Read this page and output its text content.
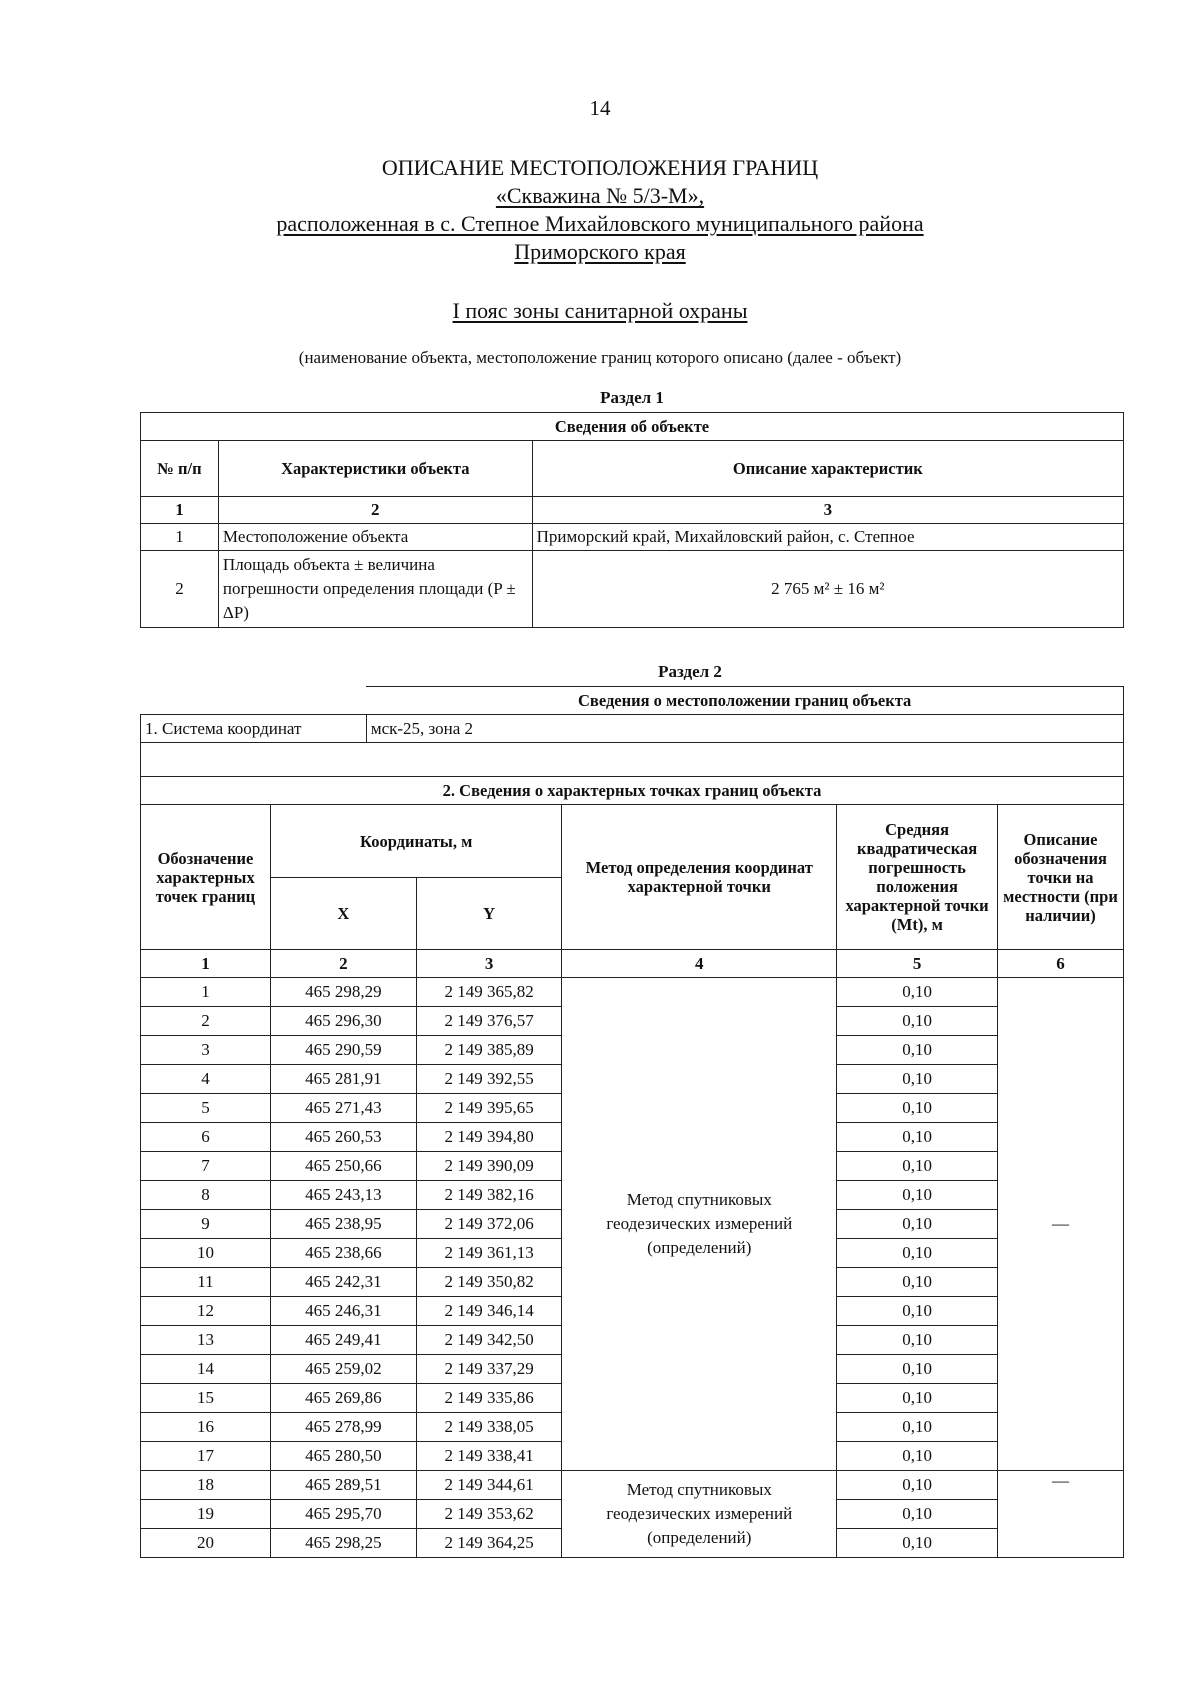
14
ОПИСАНИЕ МЕСТОПОЛОЖЕНИЯ ГРАНИЦ
«Скважина № 5/3-М»,
расположенная в с. Степное Михайловского муниципального района
Приморского края
I пояс зоны санитарной охраны
(наименование объекта, местоположение границ которого описано (далее - объект)
Раздел 1
Сведения об объекте		
№ п/п	Характеристики объекта	Описание характеристик
1	2	3
1	Местоположение объекта	Приморский край, Михайловский район, с. Степное
2	Площадь объекта ± величина погрешности определения площади (P ± ΔP)	2 765 м² ± 16 м²
Раздел 2
	Сведения о местоположении границ объекта
1. Система координат	мск-25, зона 2

2. Сведения о характерных точках границ объекта					
Обозначение характерных точек границ	Координаты, м		Метод определения координат характерной точки	Средняя квадратическая погрешность положения характерной точки (Mt), м	Описание обозначения точки на местности (при наличии)
	X	Y			
1	2	3	4	5	6
1	465 298,29	2 149 365,82	Метод спутниковых геодезических измерений (определений)	0,10	—
2	465 296,30	2 149 376,57		0,10	
3	465 290,59	2 149 385,89		0,10	
4	465 281,91	2 149 392,55		0,10	
5	465 271,43	2 149 395,65		0,10	
6	465 260,53	2 149 394,80		0,10	
7	465 250,66	2 149 390,09		0,10	
8	465 243,13	2 149 382,16		0,10	
9	465 238,95	2 149 372,06		0,10	
10	465 238,66	2 149 361,13		0,10	
11	465 242,31	2 149 350,82		0,10	
12	465 246,31	2 149 346,14		0,10	
13	465 249,41	2 149 342,50		0,10	
14	465 259,02	2 149 337,29		0,10	
15	465 269,86	2 149 335,86		0,10	
16	465 278,99	2 149 338,05		0,10	
17	465 280,50	2 149 338,41		0,10	
18	465 289,51	2 149 344,61	Метод спутниковых геодезических измерений (определений)	0,10	—
19	465 295,70	2 149 353,62		0,10	
20	465 298,25	2 149 364,25		0,10	
